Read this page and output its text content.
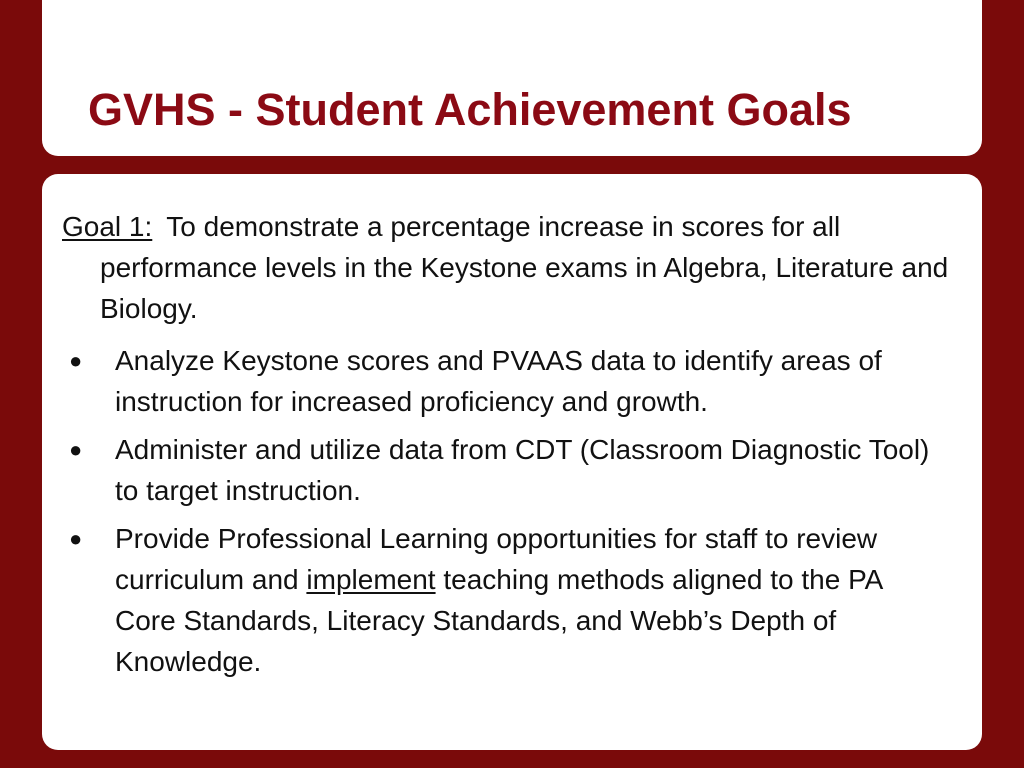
GVHS - Student Achievement Goals

Goal 1: To demonstrate a percentage increase in scores for all performance levels in the Keystone exams in Algebra, Literature and Biology.

● Analyze Keystone scores and PVAAS data to identify areas of instruction for increased proficiency and growth.
● Administer and utilize data from CDT (Classroom Diagnostic Tool) to target instruction.
● Provide Professional Learning opportunities for staff to review curriculum and implement teaching methods aligned to the PA Core Standards, Literacy Standards, and Webb’s Depth of Knowledge.
